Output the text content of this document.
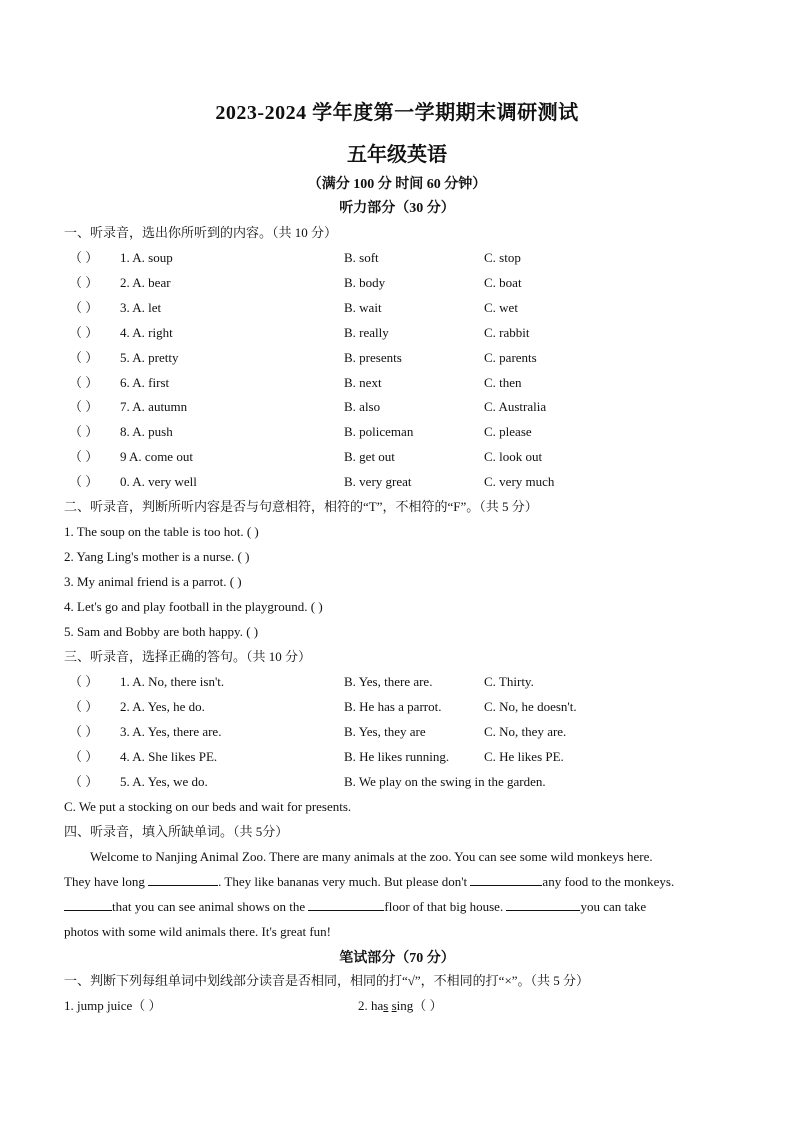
2023-2024 学年度第一学期期末调研测试
五年级英语
（满分 100 分 时间 60 分钟）
听力部分（30 分）
一、听录音，选出你所听到的内容。（共 10 分）
（ ） 1. A. soup	B. soft	C. stop
（ ） 2. A. bear	B. body	C. boat
（ ） 3. A. let	B. wait	C. wet
（ ） 4. A. right	B. really	C. rabbit
（ ） 5. A. pretty	B. presents	C. parents
（ ） 6. A. first	B. next	C. then
（ ） 7. A. autumn	B. also	C. Australia
（ ） 8. A. push	B. policeman	C. please
（ ） 9 A. come out	B. get out	C. look out
（ ） 0. A. very well	B. very great	C. very much
二、听录音，判断所听内容是否与句意相符，相符的“T”，不相符的“F”。（共 5 分）
1. The soup on the table is too hot. ( )
2. Yang Ling's mother is a nurse. ( )
3. My animal friend is a parrot. ( )
4. Let's go and play football in the playground. ( )
5. Sam and Bobby are both happy. ( )
三、听录音，选择正确的答句。（共 10 分）
（ ） 1. A. No, there isn't.	B. Yes, there are.	C. Thirty.
（ ） 2. A. Yes, he do.	B. He has a parrot.	C. No, he doesn't.
（ ） 3. A. Yes, there are.	B. Yes, they are	C. No, they are.
（ ） 4. A. She likes PE.	B. He likes running.	C. He likes PE.
（ ） 5. A. Yes, we do.	B. We play on the swing in the garden.
C. We put a stocking on our beds and wait for presents.
四、听录音，填入所缺单词。（共 5分）
Welcome to Nanjing Animal Zoo. There are many animals at the zoo. You can see some wild monkeys here.
They have long	. They like bananas very much. But please don't	any food to the monkeys.
that you can see animal shows on the	floor of that big house.	you can take
photos with some wild animals there. It's great fun!
笔试部分（70 分）
一、判断下列每组单词中划线部分读音是否相同，相同的打“√”，不相同的打“×”。（共 5 分）
1. jump juice（ ）	2. has sing（ ）
